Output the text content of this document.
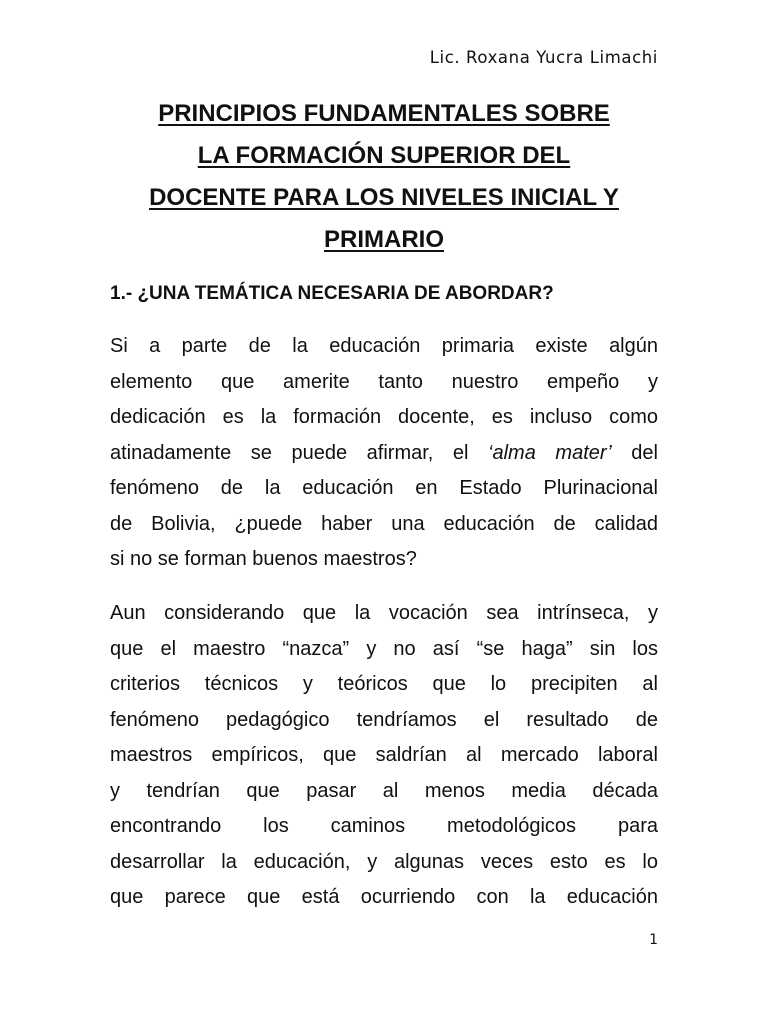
Lic. Roxana Yucra Limachi
PRINCIPIOS FUNDAMENTALES SOBRE
LA FORMACIÓN SUPERIOR DEL
DOCENTE PARA LOS NIVELES INICIAL Y
PRIMARIO
1.- ¿UNA TEMÁTICA NECESARIA DE ABORDAR?

Si a parte de la educación primaria existe algún
elemento que amerite tanto nuestro empeño y
dedicación es la formación docente, es incluso como
atinadamente se puede afirmar, el ‘alma mater’ del
fenómeno de la educación en Estado Plurinacional
de Bolivia, ¿puede haber una educación de calidad
si no se forman buenos maestros?

Aun considerando que la vocación sea intrínseca, y
que el maestro “nazca” y no así “se haga” sin los
criterios técnicos y teóricos que lo precipiten al
fenómeno pedagógico tendríamos el resultado de
maestros empíricos, que saldrían al mercado laboral
y tendrían que pasar al menos media década
encontrando los caminos metodológicos para
desarrollar la educación, y algunas veces esto es lo
que parece que está ocurriendo con la educación

1
